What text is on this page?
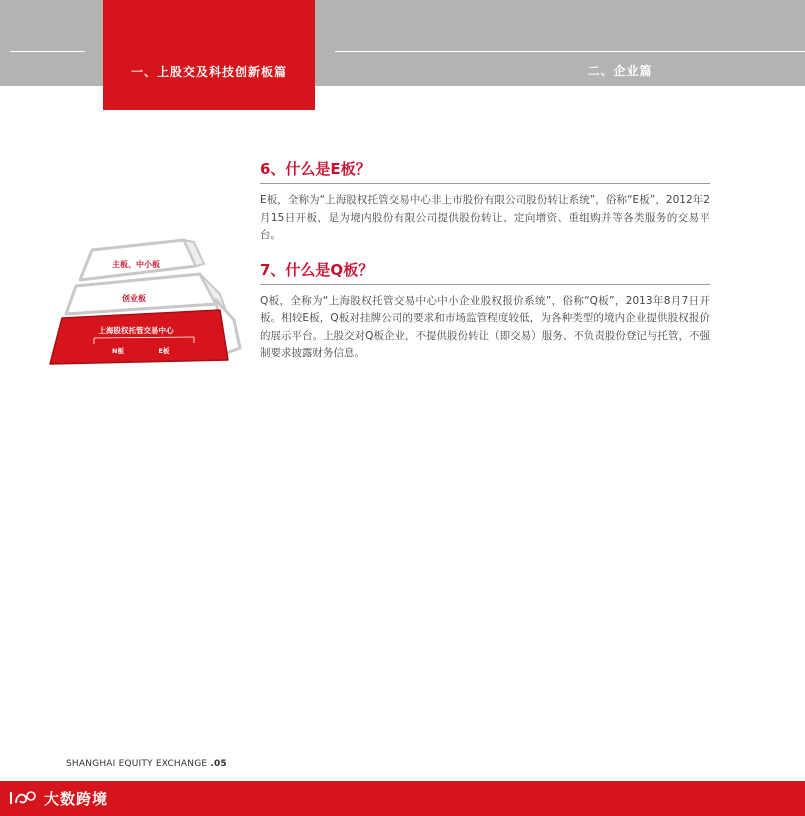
一、上股交及科技创新板篇	二、企业篇
主板、中小板
创业板
上海股权托管交易中心
N板	E板
6、什么是E板？

E板，全称为“上海股权托管交易中心非上市股份有限公司股份转让系统”，俗称“E板”，2012年2月15日开板，是为境内股份有限公司提供股份转让、定向增资、重组购并等各类服务的交易平台。

7、什么是Q板？

Q板，全称为“上海股权托管交易中心中小企业股权报价系统”，俗称“Q板”，2013年8月7日开板。相较E板，Q板对挂牌公司的要求和市场监管程度较低，为各种类型的境内企业提供股权报价的展示平台。上股交对Q板企业，不提供股份转让（即交易）服务、不负责股份登记与托管，不强制要求披露财务信息。

SHANGHAI EQUITY EXCHANGE .05
大数跨境
